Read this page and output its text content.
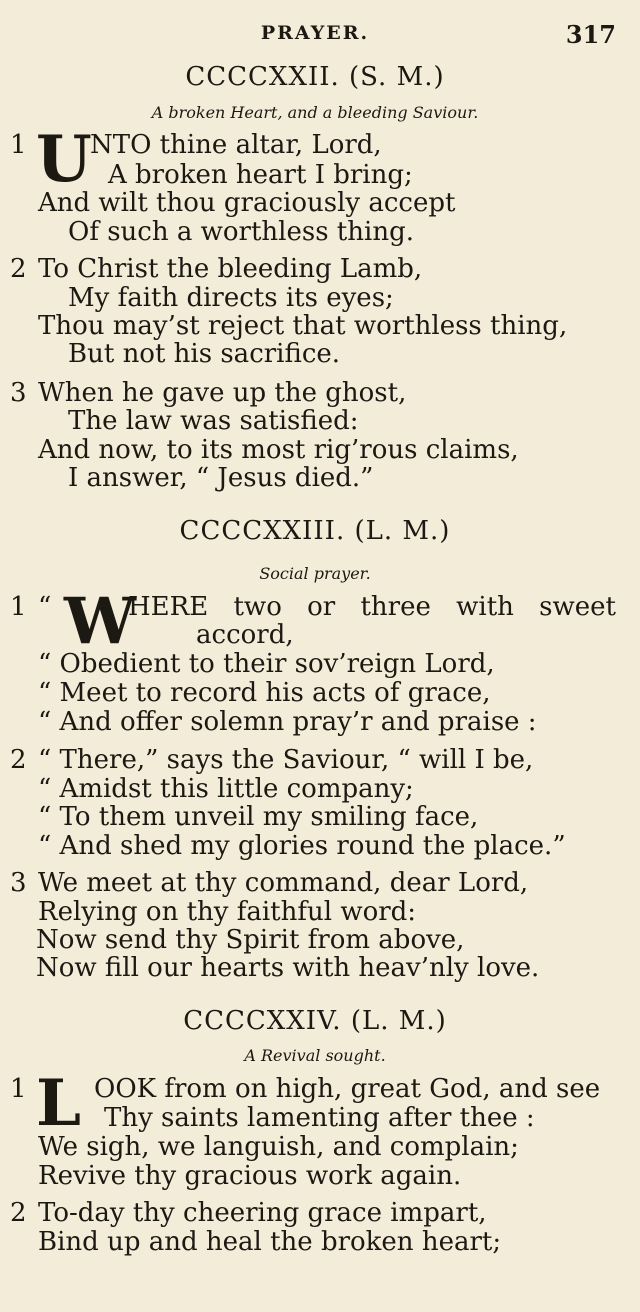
PRAYER.	317
CCCCXXII. (S. M.)
A broken Heart, and a bleeding Saviour.
1 U
NTO thine altar, Lord,
A broken heart I bring;
And wilt thou graciously accept
Of such a worthless thing.
2 To Christ the bleeding Lamb,
My faith directs its eyes;
Thou may’st reject that worthless thing,
But not his sacrifice.
3 When he gave up the ghost,
The law was satisfied:
And now, to its most rig’rous claims,
I answer, “ Jesus died.”
CCCCXXIII. (L. M.)
Social prayer.
1 “ W
HERE two or three with sweet
accord,
“ Obedient to their sov’reign Lord,
“ Meet to record his acts of grace,
“ And offer solemn pray’r and praise :
2 “ There,” says the Saviour, “ will I be,
“ Amidst this little company;
“ To them unveil my smiling face,
“ And shed my glories round the place.”
3 We meet at thy command, dear Lord,
Relying on thy faithful word:
Now send thy Spirit from above,
Now fill our hearts with heav’nly love.
CCCCXXIV. (L. M.)
A Revival sought.
1 L OOK from on high, great God, and see
Thy saints lamenting after thee :
We sigh, we languish, and complain;
Revive thy gracious work again.
2 To-day thy cheering grace impart,
Bind up and heal the broken heart;
